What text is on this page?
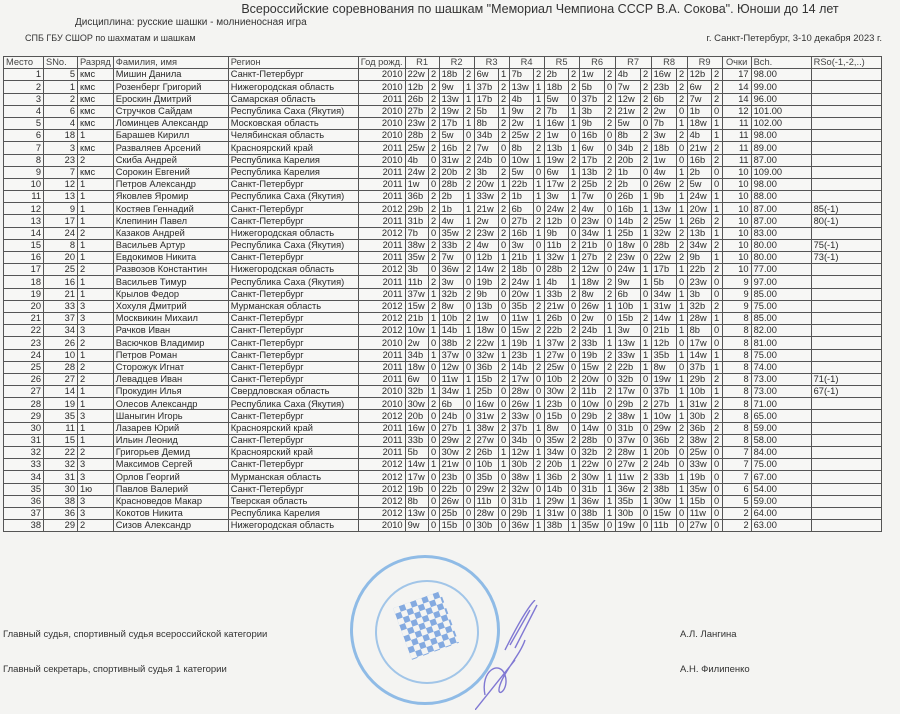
Всероссийские соревнования по шашкам "Мемориал Чемпиона СССР В.А. Сокова". Юноши до 14 лет
Дисциплина: русские шашки - молниеносная игра
СПБ ГБУ СШОР по шахматам и шашкам	г. Санкт-Петербург, 3-10 декабря 2023 г.
Место	SNo.	Разряд	Фамилия, имя	Регион	Год рожд.	R1		R2		R3		R4		R5		R6		R7		R8		R9		Очки	Bch.	RSo(-1,-2,..)
1	5	кмс	Мишин Данила	Санкт-Петербург	2010	22w	2	18b	2	6w	1	7b	2	2b	2	1w	2	4b	2	16w	2	12b	2	17	98.00	
2	1	кмс	Розенберг Григорий	Нижегородская область	2010	12b	2	9w	1	37b	2	13w	1	18b	2	5b	0	7w	2	23b	2	6w	2	14	99.00	
3	2	кмс	Ероскин Дмитрий	Самарская область	2011	26b	2	13w	1	17b	2	4b	1	5w	0	37b	2	12w	2	6b	2	7w	2	14	96.00	
4	6	кмс	Стручков Сайдам	Республика Саха (Якутия)	2010	27b	2	19w	2	5b	1	9w	2	7b	1	3b	2	21w	2	2w	0	1b	0	12	101.00	
5	4	кмс	Ломинцев Александр	Московская область	2010	23w	2	17b	1	8b	2	2w	1	16w	1	9b	2	5w	0	7b	1	18w	1	11	102.00	
6	18	1	Барашев Кирилл	Челябинская область	2010	28b	2	5w	0	34b	2	25w	2	1w	0	16b	0	8b	2	3w	2	4b	1	11	98.00	
7	3	кмс	Разваляев Арсений	Красноярский край	2011	25w	2	16b	2	7w	0	8b	2	13b	1	6w	0	34b	2	18b	0	21w	2	11	89.00	
8	23	2	Скиба Андрей	Республика Карелия	2010	4b	0	31w	2	24b	0	10w	1	19w	2	17b	2	20b	2	1w	0	16b	2	11	87.00	
9	7	кмс	Сорокин Евгений	Республика Карелия	2011	24w	2	20b	2	3b	2	5w	0	6w	1	13b	2	1b	0	4w	1	2b	0	10	109.00	
10	12	1	Петров Александр	Санкт-Петербург	2011	1w	0	28b	2	20w	1	22b	1	17w	2	25b	2	2b	0	26w	2	5w	0	10	98.00	
11	13	1	Яковлев Яромир	Республика Саха (Якутия)	2011	36b	2	2b	1	33w	2	1b	1	3w	1	7w	0	26b	1	9b	1	24w	1	10	88.00	
12	9	1	Костяев Геннадий	Санкт-Петербург	2012	29b	2	1b	1	21w	2	6b	0	24w	2	4w	0	16b	1	13w	1	20w	1	10	87.00	85(-1)
13	17	1	Клепинин Павел	Санкт-Петербург	2011	31b	2	4w	1	2w	0	27b	2	12b	0	23w	0	14b	2	25w	1	26b	2	10	87.00	80(-1)
14	24	2	Казаков Андрей	Нижегородская область	2012	7b	0	35w	2	23w	2	16b	1	9b	0	34w	1	25b	1	32w	2	13b	1	10	83.00	
15	8	1	Васильев Артур	Республика Саха (Якутия)	2011	38w	2	33b	2	4w	0	3w	0	11b	2	21b	0	18w	0	28b	2	34w	2	10	80.00	75(-1)
16	20	1	Евдокимов Никита	Санкт-Петербург	2011	35w	2	7w	0	12b	1	21b	1	32w	1	27b	2	23w	0	22w	2	9b	1	10	80.00	73(-1)
17	25	2	Развозов Константин	Нижегородская область	2012	3b	0	36w	2	14w	2	18b	0	28b	2	12w	0	24w	1	17b	1	22b	2	10	77.00	
18	16	1	Васильев Тимур	Республика Саха (Якутия)	2011	11b	2	3w	0	19b	2	24w	1	4b	1	18w	2	9w	1	5b	0	23w	0	9	97.00	
19	21	1	Крылов Федор	Санкт-Петербург	2011	37w	1	32b	2	9b	0	20w	1	33b	2	8w	2	6b	0	34w	1	3b	0	9	85.00	
20	33	3	Хохуля Дмитрий	Мурманская область	2012	15w	2	8w	0	13b	0	35b	2	21w	0	26w	1	10b	1	31w	1	32b	2	9	75.00	
21	37	3	Москвикин Михаил	Санкт-Петербург	2012	21b	1	10b	2	1w	0	11w	1	26b	0	2w	0	15b	2	14w	1	28w	1	8	85.00	
22	34	3	Рачков Иван	Санкт-Петербург	2012	10w	1	14b	1	18w	0	15w	2	22b	2	24b	1	3w	0	21b	1	8b	0	8	82.00	
23	26	2	Васючков Владимир	Санкт-Петербург	2010	2w	0	38b	2	22w	1	19b	1	37w	2	33b	1	13w	1	12b	0	17w	0	8	81.00	
24	10	1	Петров Роман	Санкт-Петербург	2011	34b	1	37w	0	32w	1	23b	1	27w	0	19b	2	33w	1	35b	1	14w	1	8	75.00	
25	28	2	Сторожук Игнат	Санкт-Петербург	2011	18w	0	12w	0	36b	2	14b	2	25w	0	15w	2	22b	1	8w	0	37b	1	8	74.00	
26	27	2	Левадцев Иван	Санкт-Петербург	2011	6w	0	11w	1	15b	2	17w	0	10b	2	20w	0	32b	0	19w	1	29b	2	8	73.00	71(-1)
27	14	1	Прокудин Илья	Свердловская область	2010	32b	1	34w	1	25b	0	28w	0	30w	2	11b	2	17w	0	37b	1	10b	1	8	73.00	67(-1)
28	19	1	Олесов Александр	Республика Саха (Якутия)	2010	30w	2	6b	0	16w	0	26w	1	23b	0	10w	0	29b	2	27b	1	31w	2	8	71.00	
29	35	3	Шаныгин Игорь	Санкт-Петербург	2012	20b	0	24b	0	31w	2	33w	0	15b	0	29b	2	38w	1	10w	1	30b	2	8	65.00	
30	11	1	Лазарев Юрий	Красноярский край	2011	16w	0	27b	1	38w	2	37b	1	8w	0	14w	0	31b	0	29w	2	36b	2	8	59.00	
31	15	1	Ильин Леонид	Санкт-Петербург	2011	33b	0	29w	2	27w	0	34b	0	35w	2	28b	0	37w	0	36b	2	38w	2	8	58.00	
32	22	2	Григорьев Демид	Красноярский край	2011	5b	0	30w	2	26b	1	12w	1	34w	0	32b	2	28w	1	20b	0	25w	0	7	84.00	
33	32	3	Максимов Сергей	Санкт-Петербург	2012	14w	1	21w	0	10b	1	30b	2	20b	1	22w	0	27w	2	24b	0	33w	0	7	75.00	
34	31	3	Орлов Георгий	Мурманская область	2012	17w	0	23b	0	35b	0	38w	1	36b	2	30w	1	11w	2	33b	1	19b	0	7	67.00	
35	30	1ю	Павлов Валерий	Санкт-Петербург	2012	19b	0	22b	0	29w	2	32w	0	14b	0	31b	1	36w	2	38b	1	35w	0	6	54.00	
36	38	3	Красноведов Макар	Тверская область	2012	8b	0	26w	0	11b	0	31b	1	29w	1	36w	1	35b	1	30w	1	15b	0	5	59.00	
37	36	3	Кокотов Никита	Республика Карелия	2012	13w	0	25b	0	28w	0	29b	1	31w	0	38b	1	30b	0	15w	0	11w	0	2	64.00	
38	29	2	Сизов Александр	Нижегородская область	2010	9w	0	15b	0	30b	0	36w	1	38b	1	35w	0	19w	0	11b	0	27w	0	2	63.00	
Главный судья, спортивный судья всероссийской категории	А.Л. Лангина
Главный секретарь, спортивный судья 1 категории	А.Н. Филипенко
